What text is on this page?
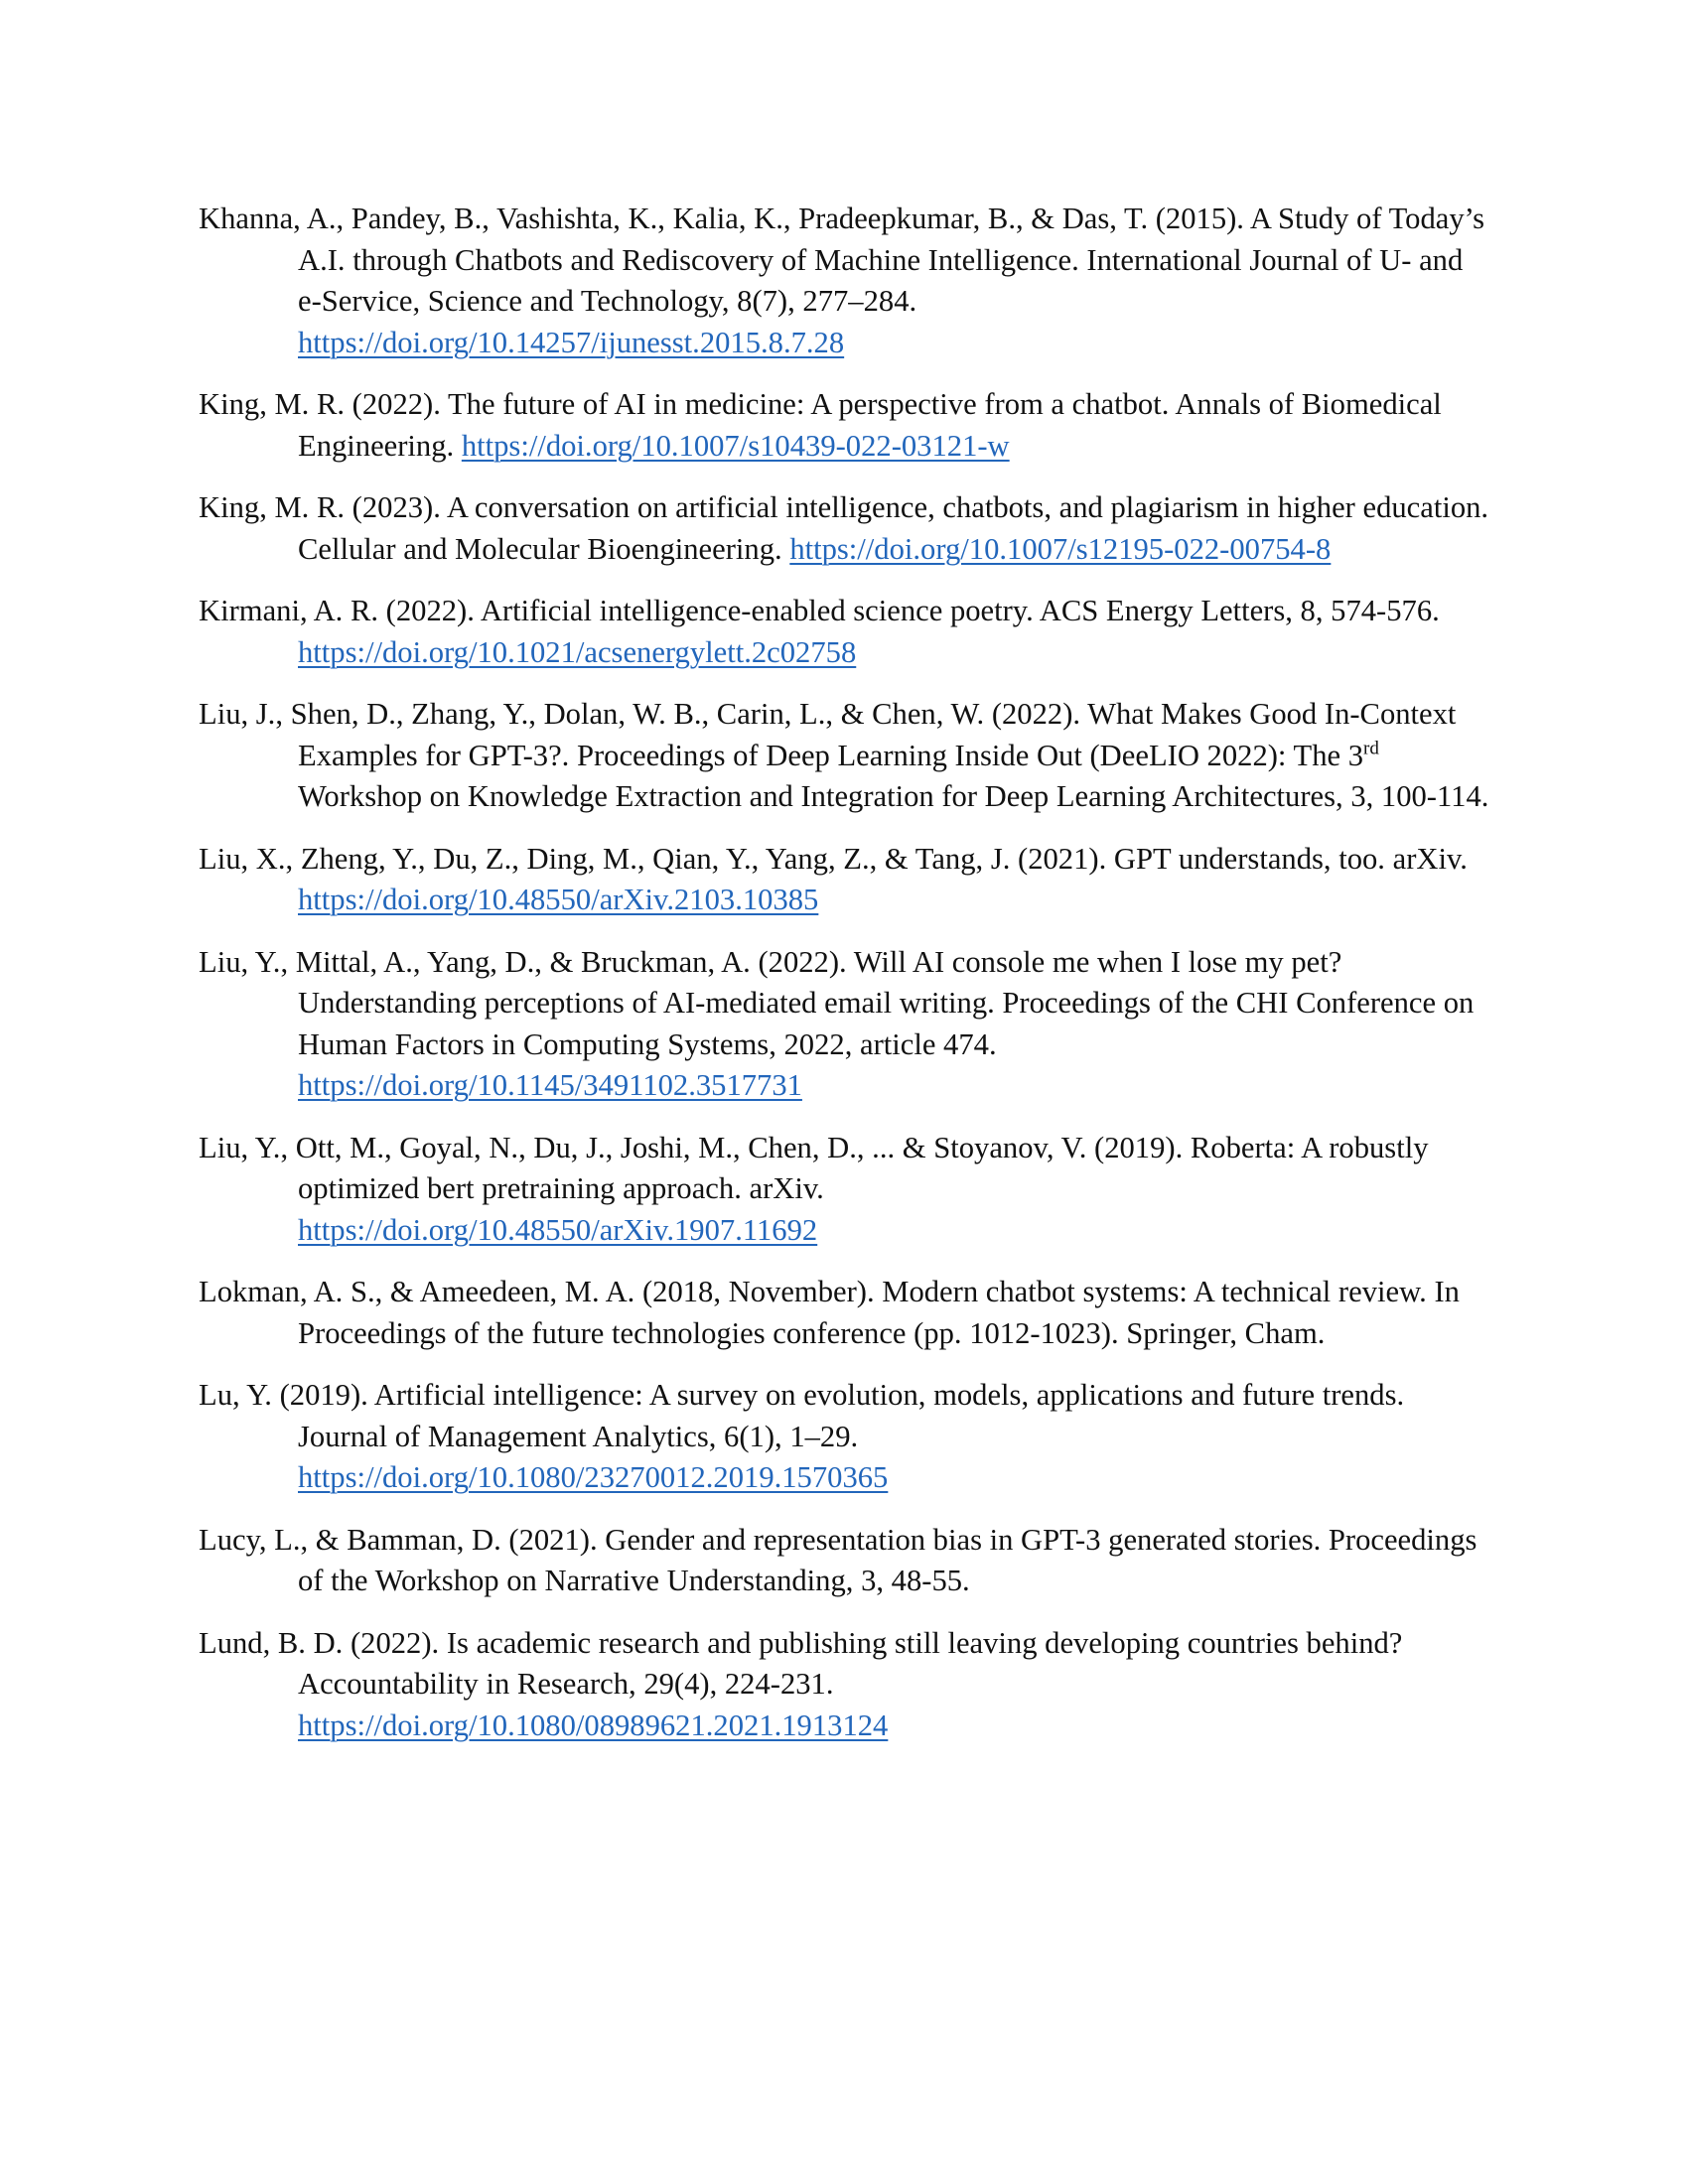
Khanna, A., Pandey, B., Vashishta, K., Kalia, K., Pradeepkumar, B., & Das, T. (2015). A Study of Today’s A.I. through Chatbots and Rediscovery of Machine Intelligence. International Journal of U- and e-Service, Science and Technology, 8(7), 277–284.
https://doi.org/10.14257/ijunesst.2015.8.7.28

King, M. R. (2022). The future of AI in medicine: A perspective from a chatbot. Annals of Biomedical Engineering. https://doi.org/10.1007/s10439-022-03121-w

King, M. R. (2023). A conversation on artificial intelligence, chatbots, and plagiarism in higher education. Cellular and Molecular Bioengineering. https://doi.org/10.1007/s12195-022-00754-8

Kirmani, A. R. (2022). Artificial intelligence-enabled science poetry. ACS Energy Letters, 8, 574-576. https://doi.org/10.1021/acsenergylett.2c02758

Liu, J., Shen, D., Zhang, Y., Dolan, W. B., Carin, L., & Chen, W. (2022). What Makes Good In-Context Examples for GPT-3?. Proceedings of Deep Learning Inside Out (DeeLIO 2022): The 3rd Workshop on Knowledge Extraction and Integration for Deep Learning Architectures, 3, 100-114.

Liu, X., Zheng, Y., Du, Z., Ding, M., Qian, Y., Yang, Z., & Tang, J. (2021). GPT understands, too. arXiv. https://doi.org/10.48550/arXiv.2103.10385

Liu, Y., Mittal, A., Yang, D., & Bruckman, A. (2022). Will AI console me when I lose my pet? Understanding perceptions of AI-mediated email writing. Proceedings of the CHI Conference on Human Factors in Computing Systems, 2022, article 474.
https://doi.org/10.1145/3491102.3517731

Liu, Y., Ott, M., Goyal, N., Du, J., Joshi, M., Chen, D., ... & Stoyanov, V. (2019). Roberta: A robustly optimized bert pretraining approach. arXiv.
https://doi.org/10.48550/arXiv.1907.11692

Lokman, A. S., & Ameedeen, M. A. (2018, November). Modern chatbot systems: A technical review. In Proceedings of the future technologies conference (pp. 1012-1023). Springer, Cham.

Lu, Y. (2019). Artificial intelligence: A survey on evolution, models, applications and future trends. Journal of Management Analytics, 6(1), 1–29.
https://doi.org/10.1080/23270012.2019.1570365

Lucy, L., & Bamman, D. (2021). Gender and representation bias in GPT-3 generated stories. Proceedings of the Workshop on Narrative Understanding, 3, 48-55.

Lund, B. D. (2022). Is academic research and publishing still leaving developing countries behind? Accountability in Research, 29(4), 224-231.
https://doi.org/10.1080/08989621.2021.1913124
